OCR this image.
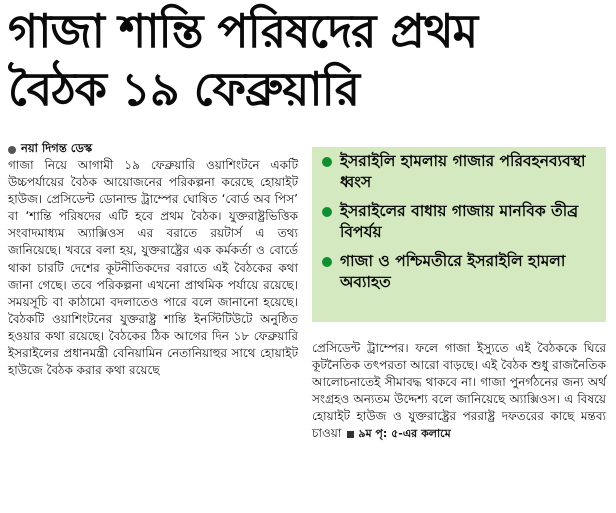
গাজা শান্তি পরিষদের প্রথম
বৈঠক ১৯ ফেব্রুয়ারি
নয়া দিগন্ত ডেস্ক

গাজা নিয়ে আগামী ১৯ ফেব্রুয়ারি ওয়াশিংটনে একটি উচ্চপর্যায়ের বৈঠক আয়োজনের পরিকল্পনা করেছে হোয়াইট হাউজ। প্রেসিডেন্ট ডোনাল্ড ট্রাম্পের ঘোষিত ‘বোর্ড অব পিস’ বা ‘শান্তি পরিষদের এটি হবে প্রথম বৈঠক। যুক্তরাষ্ট্রভিত্তিক সংবাদমাধ্যম অ্যাক্সিওস এর বরাতে রয়টার্স এ তথ্য জানিয়েছে। খবরে বলা হয়, যুক্তরাষ্ট্রের এক কর্মকর্তা ও বোর্ডে থাকা চারটি দেশের কূটনীতিকদের বরাতে এই বৈঠকের কথা জানা গেছে। তবে পরিকল্পনা এখনো প্রাথমিক পর্যায়ে রয়েছে। সময়সূচি বা কাঠামো বদলাতেও পারে বলে জানানো হয়েছে। বৈঠকটি ওয়াশিংটনের যুক্তরাষ্ট্র শান্তি ইনস্টিটিউটে অনুষ্ঠিত হওয়ার কথা রয়েছে। বৈঠকের ঠিক আগের দিন ১৮ ফেব্রুয়ারি ইসরাইলের প্রধানমন্ত্রী বেনিয়ামিন নেতানিয়াহুর সাথে হোয়াইট হাউজে বৈঠক করার কথা রয়েছে

ইসরাইলি হামলায় গাজার পরিবহনব্যবস্থা ধ্বংস
ইসরাইলের বাধায় গাজায় মানবিক তীব্র বিপর্যয়
গাজা ও পশ্চিমতীরে ইসরাইলি হামলা অব্যাহত

প্রেসিডেন্ট ট্রাম্পের। ফলে গাজা ইস্যুতে এই বৈঠককে ঘিরে কূটনৈতিক তৎপরতা আরো বাড়ছে। এই বৈঠক শুধু রাজনৈতিক আলোচনাতেই সীমাবদ্ধ থাকবে না। গাজা পুনর্গঠনের জন্য অর্থ সংগ্রহও অন্যতম উদ্দেশ্য বলে জানিয়েছে অ্যাক্সিওস। এ বিষয়ে হোয়াইট হাউজ ও যুক্তরাষ্ট্রের পররাষ্ট্র দফতরের কাছে মন্তব্য চাওয়া ৯ম পৃ: ৫-এর কলামে
